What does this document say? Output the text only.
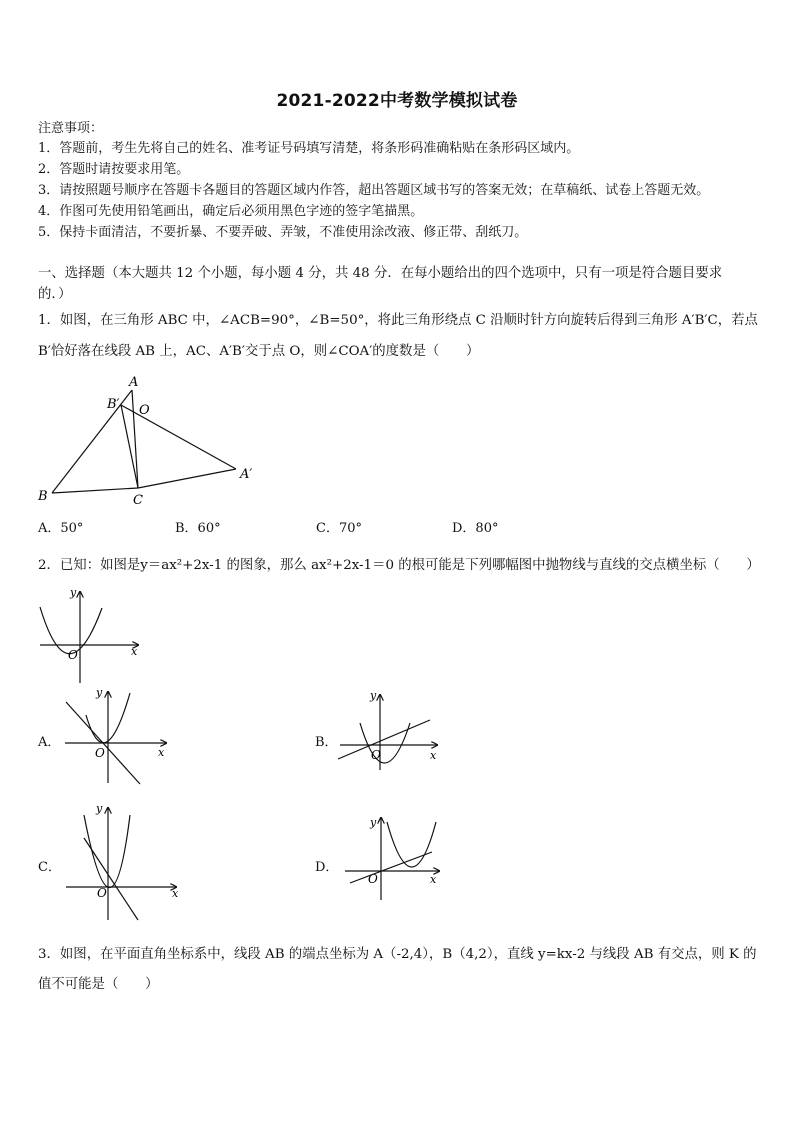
2021-2022中考数学模拟试卷
注意事项：
1．答题前，考生先将自己的姓名、准考证号码填写清楚，将条形码准确粘贴在条形码区域内。
2．答题时请按要求用笔。
3．请按照题号顺序在答题卡各题目的答题区域内作答，超出答题区域书写的答案无效；在草稿纸、试卷上答题无效。
4．作图可先使用铅笔画出，确定后必须用黑色字迹的签字笔描黑。
5．保持卡面清洁，不要折暴、不要弄破、弄皱，不准使用涂改液、修正带、刮纸刀。
一、选择题（本大题共 12 个小题，每小题 4 分，共 48 分．在每小题给出的四个选项中，只有一项是符合题目要求
的．）
1．如图，在三角形 ABC 中，∠ACB=90°，∠B=50°，将此三角形绕点 C 沿顺时针方向旋转后得到三角形 A′B′C，若点
B′恰好落在线段 AB 上，AC、A′B′交于点 O，则∠COA′的度数是（　　）
A
B′ O
A′
B	C
A．50°	B．60°	C．70°	D．80°
2．已知：如图是y＝ax²+2x-1 的图象，那么 ax²+2x-1＝0 的根可能是下列哪幅图中抛物线与直线的交点横坐标（　　）
y
x
O
y
x
O
y
x
O
y
x
O
y
x
O
A．	B．
C．	D．
3．如图，在平面直角坐标系中，线段 AB 的端点坐标为 A（-2,4），B（4,2），直线 y=kx-2 与线段 AB 有交点，则 K 的
值不可能是（　　）
